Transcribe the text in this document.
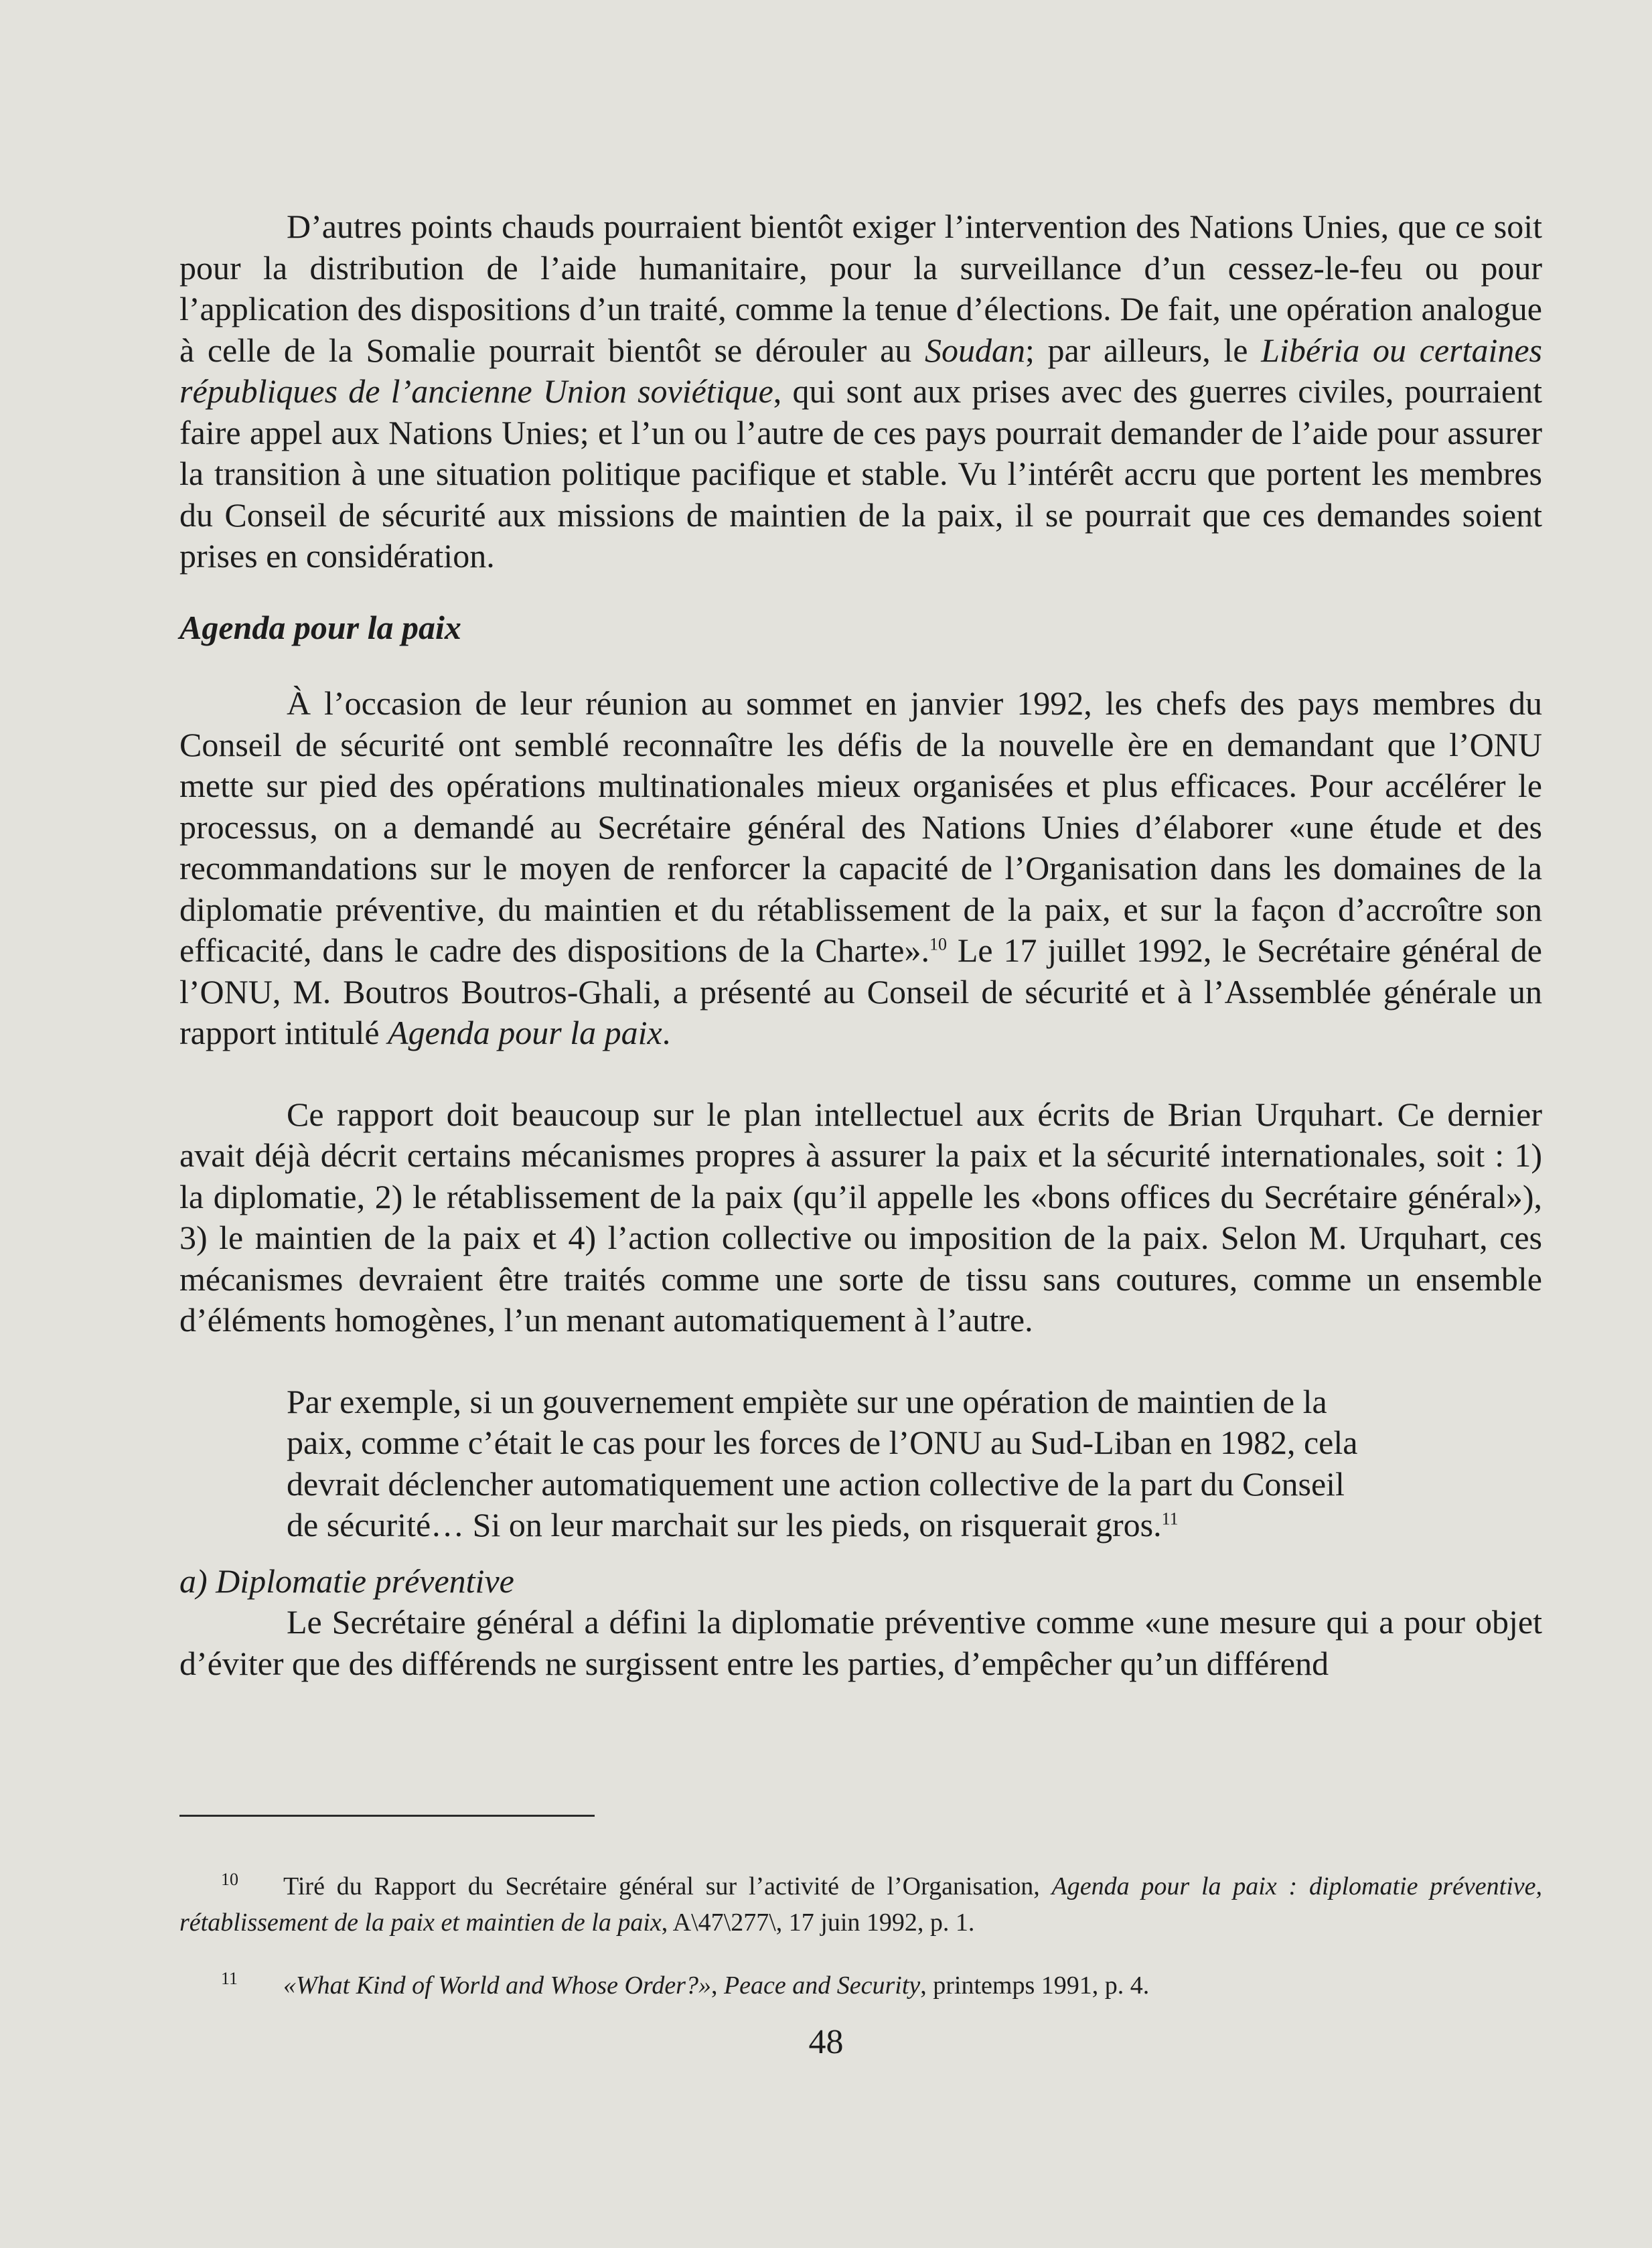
D’autres points chauds pourraient bientôt exiger l’intervention des Nations Unies, que ce soit pour la distribution de l’aide humanitaire, pour la surveillance d’un cessez-le-feu ou pour l’application des dispositions d’un traité, comme la tenue d’élections. De fait, une opération analogue à celle de la Somalie pourrait bientôt se dérouler au Soudan; par ailleurs, le Libéria ou certaines républiques de l’ancienne Union soviétique, qui sont aux prises avec des guerres civiles, pourraient faire appel aux Nations Unies; et l’un ou l’autre de ces pays pourrait demander de l’aide pour assurer la transition à une situation politique pacifique et stable. Vu l’intérêt accru que portent les membres du Conseil de sécurité aux missions de maintien de la paix, il se pourrait que ces demandes soient prises en considération.

Agenda pour la paix

À l’occasion de leur réunion au sommet en janvier 1992, les chefs des pays membres du Conseil de sécurité ont semblé reconnaître les défis de la nouvelle ère en demandant que l’ONU mette sur pied des opérations multinationales mieux organisées et plus efficaces. Pour accélérer le processus, on a demandé au Secrétaire général des Nations Unies d’élaborer «une étude et des recommandations sur le moyen de renforcer la capacité de l’Organisation dans les domaines de la diplomatie préventive, du maintien et du rétablissement de la paix, et sur la façon d’accroître son efficacité, dans le cadre des dispositions de la Charte».$^{10}$ Le 17 juillet 1992, le Secrétaire général de l’ONU, M. Boutros Boutros-Ghali, a présenté au Conseil de sécurité et à l’Assemblée générale un rapport intitulé Agenda pour la paix.

Ce rapport doit beaucoup sur le plan intellectuel aux écrits de Brian Urquhart. Ce dernier avait déjà décrit certains mécanismes propres à assurer la paix et la sécurité internationales, soit : 1) la diplomatie, 2) le rétablissement de la paix (qu’il appelle les «bons offices du Secrétaire général»), 3) le maintien de la paix et 4) l’action collective ou imposition de la paix. Selon M. Urquhart, ces mécanismes devraient être traités comme une sorte de tissu sans coutures, comme un ensemble d’éléments homogènes, l’un menant automatiquement à l’autre.

Par exemple, si un gouvernement empiète sur une opération de maintien de la paix, comme c’était le cas pour les forces de l’ONU au Sud-Liban en 1982, cela devrait déclencher automatiquement une action collective de la part du Conseil de sécurité… Si on leur marchait sur les pieds, on risquerait gros.$^{11}$

a) Diplomatie préventive

Le Secrétaire général a défini la diplomatie préventive comme «une mesure qui a pour objet d’éviter que des différends ne surgissent entre les parties, d’empêcher qu’un différend

10 Tiré du Rapport du Secrétaire général sur l’activité de l’Organisation, Agenda pour la paix : diplomatie préventive, rétablissement de la paix et maintien de la paix, A\47\277\, 17 juin 1992, p. 1.

11 «What Kind of World and Whose Order?», Peace and Security, printemps 1991, p. 4.

48
